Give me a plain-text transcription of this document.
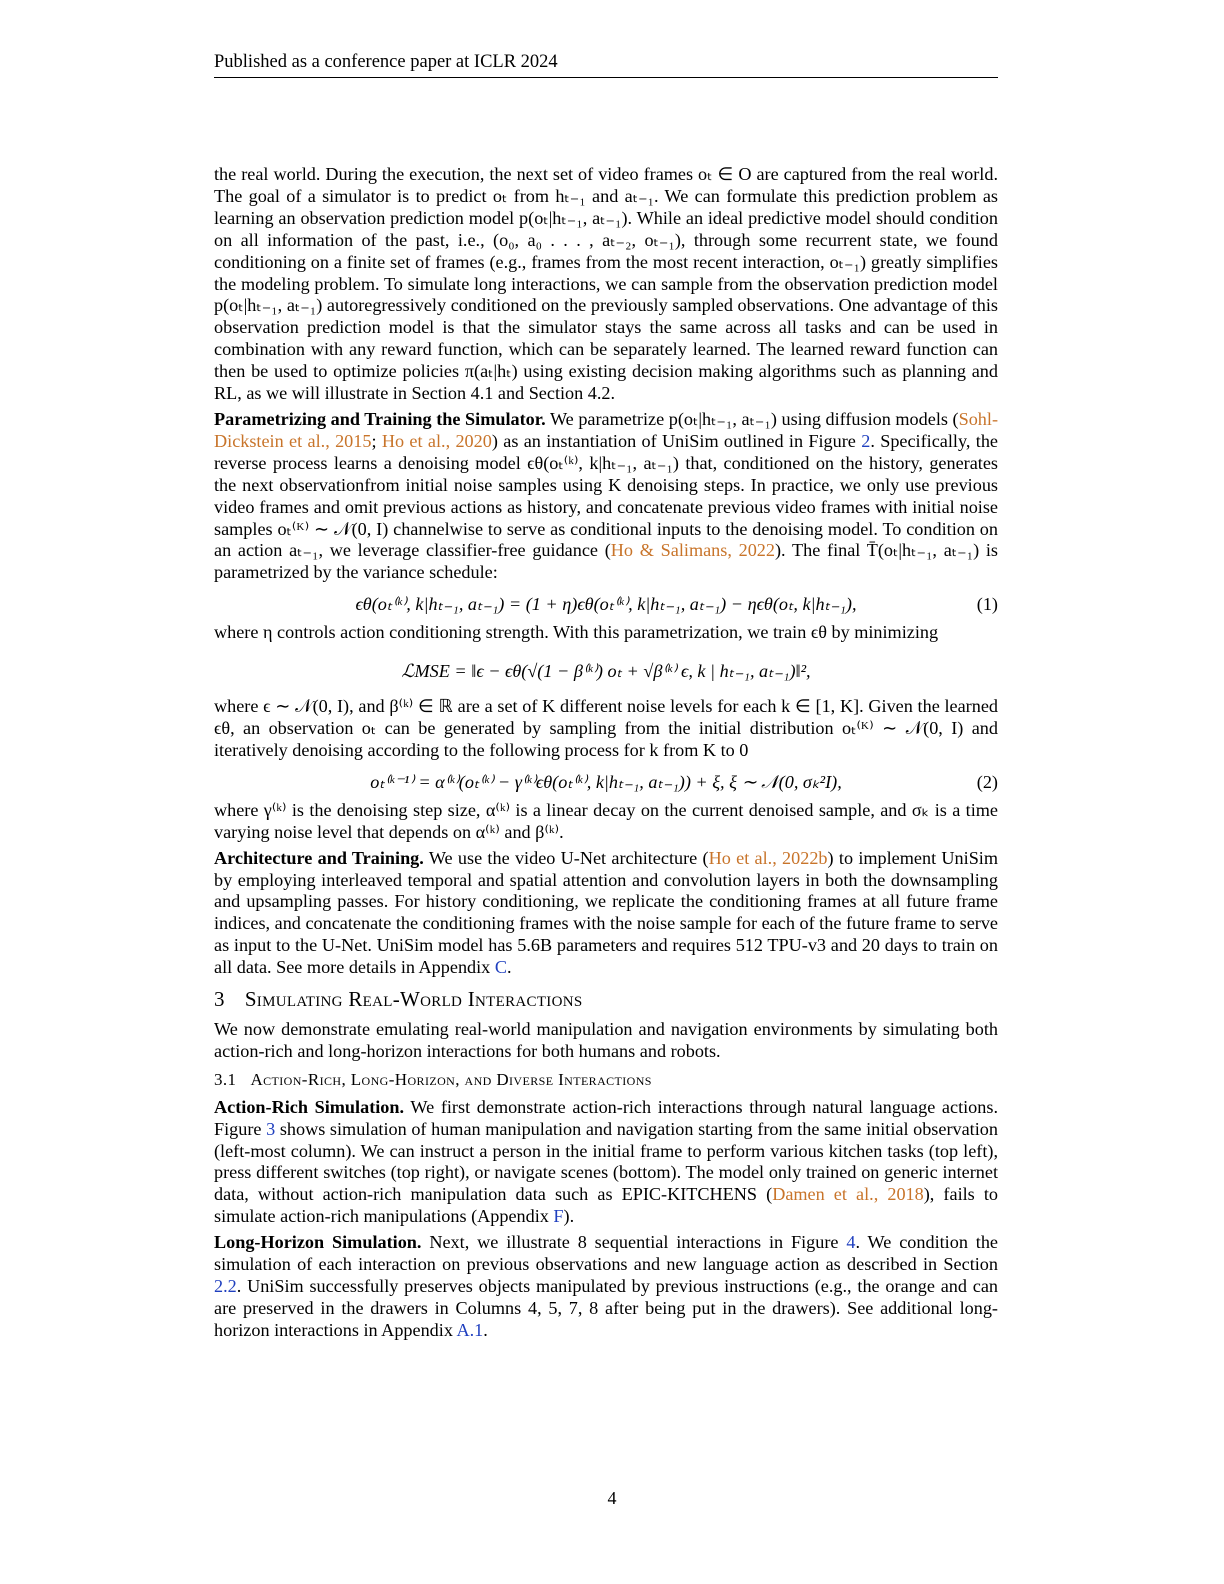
Published as a conference paper at ICLR 2024

the real world. During the execution, the next set of video frames oₜ ∈ O are captured from the real world. The goal of a simulator is to predict oₜ from hₜ₋₁ and aₜ₋₁. We can formulate this prediction problem as learning an observation prediction model p(oₜ|hₜ₋₁, aₜ₋₁). While an ideal predictive model should condition on all information of the past, i.e., (o₀, a₀ . . . , aₜ₋₂, oₜ₋₁), through some recurrent state, we found conditioning on a finite set of frames (e.g., frames from the most recent interaction, oₜ₋₁) greatly simplifies the modeling problem. To simulate long interactions, we can sample from the observation prediction model p(oₜ|hₜ₋₁, aₜ₋₁) autoregressively conditioned on the previously sampled observations. One advantage of this observation prediction model is that the simulator stays the same across all tasks and can be used in combination with any reward function, which can be separately learned. The learned reward function can then be used to optimize policies π(aₜ|hₜ) using existing decision making algorithms such as planning and RL, as we will illustrate in Section 4.1 and Section 4.2.

Parametrizing and Training the Simulator. We parametrize p(oₜ|hₜ₋₁, aₜ₋₁) using diffusion models (Sohl-Dickstein et al., 2015; Ho et al., 2020) as an instantiation of UniSim outlined in Figure 2. Specifically, the reverse process learns a denoising model ϵθ(oₜ⁽ᵏ⁾, k|hₜ₋₁, aₜ₋₁) that, conditioned on the history, generates the next observationfrom initial noise samples using K denoising steps. In practice, we only use previous video frames and omit previous actions as history, and concatenate previous video frames with initial noise samples oₜ⁽ᴷ⁾ ∼ 𝒩(0, I) channelwise to serve as conditional inputs to the denoising model. To condition on an action aₜ₋₁, we leverage classifier-free guidance (Ho & Salimans, 2022). The final T̄(oₜ|hₜ₋₁, aₜ₋₁) is parametrized by the variance schedule:

ϵθ(oₜ⁽ᵏ⁾, k|hₜ₋₁, aₜ₋₁) = (1 + η)ϵθ(oₜ⁽ᵏ⁾, k|hₜ₋₁, aₜ₋₁) − ηϵθ(oₜ, k|hₜ₋₁),	(1)

where η controls action conditioning strength. With this parametrization, we train ϵθ by minimizing

ℒMSE = ‖ϵ − ϵθ(√(1 − β⁽ᵏ⁾) oₜ + √β⁽ᵏ⁾ ϵ, k | hₜ₋₁, aₜ₋₁)‖²,

where ϵ ∼ 𝒩(0, I), and β⁽ᵏ⁾ ∈ ℝ are a set of K different noise levels for each k ∈ [1, K]. Given the learned ϵθ, an observation oₜ can be generated by sampling from the initial distribution oₜ⁽ᴷ⁾ ∼ 𝒩(0, I) and iteratively denoising according to the following process for k from K to 0

oₜ⁽ᵏ⁻¹⁾ = α⁽ᵏ⁾(oₜ⁽ᵏ⁾ − γ⁽ᵏ⁾ϵθ(oₜ⁽ᵏ⁾, k|hₜ₋₁, aₜ₋₁)) + ξ, ξ ∼ 𝒩(0, σₖ²I),	(2)

where γ⁽ᵏ⁾ is the denoising step size, α⁽ᵏ⁾ is a linear decay on the current denoised sample, and σₖ is a time varying noise level that depends on α⁽ᵏ⁾ and β⁽ᵏ⁾.

Architecture and Training. We use the video U-Net architecture (Ho et al., 2022b) to implement UniSim by employing interleaved temporal and spatial attention and convolution layers in both the downsampling and upsampling passes. For history conditioning, we replicate the conditioning frames at all future frame indices, and concatenate the conditioning frames with the noise sample for each of the future frame to serve as input to the U-Net. UniSim model has 5.6B parameters and requires 512 TPU-v3 and 20 days to train on all data. See more details in Appendix C.

3 Simulating Real-World Interactions

We now demonstrate emulating real-world manipulation and navigation environments by simulating both action-rich and long-horizon interactions for both humans and robots.

3.1 Action-Rich, Long-Horizon, and Diverse Interactions

Action-Rich Simulation. We first demonstrate action-rich interactions through natural language actions. Figure 3 shows simulation of human manipulation and navigation starting from the same initial observation (left-most column). We can instruct a person in the initial frame to perform various kitchen tasks (top left), press different switches (top right), or navigate scenes (bottom). The model only trained on generic internet data, without action-rich manipulation data such as EPIC-KITCHENS (Damen et al., 2018), fails to simulate action-rich manipulations (Appendix F).

Long-Horizon Simulation. Next, we illustrate 8 sequential interactions in Figure 4. We condition the simulation of each interaction on previous observations and new language action as described in Section 2.2. UniSim successfully preserves objects manipulated by previous instructions (e.g., the orange and can are preserved in the drawers in Columns 4, 5, 7, 8 after being put in the drawers). See additional long-horizon interactions in Appendix A.1.

4
